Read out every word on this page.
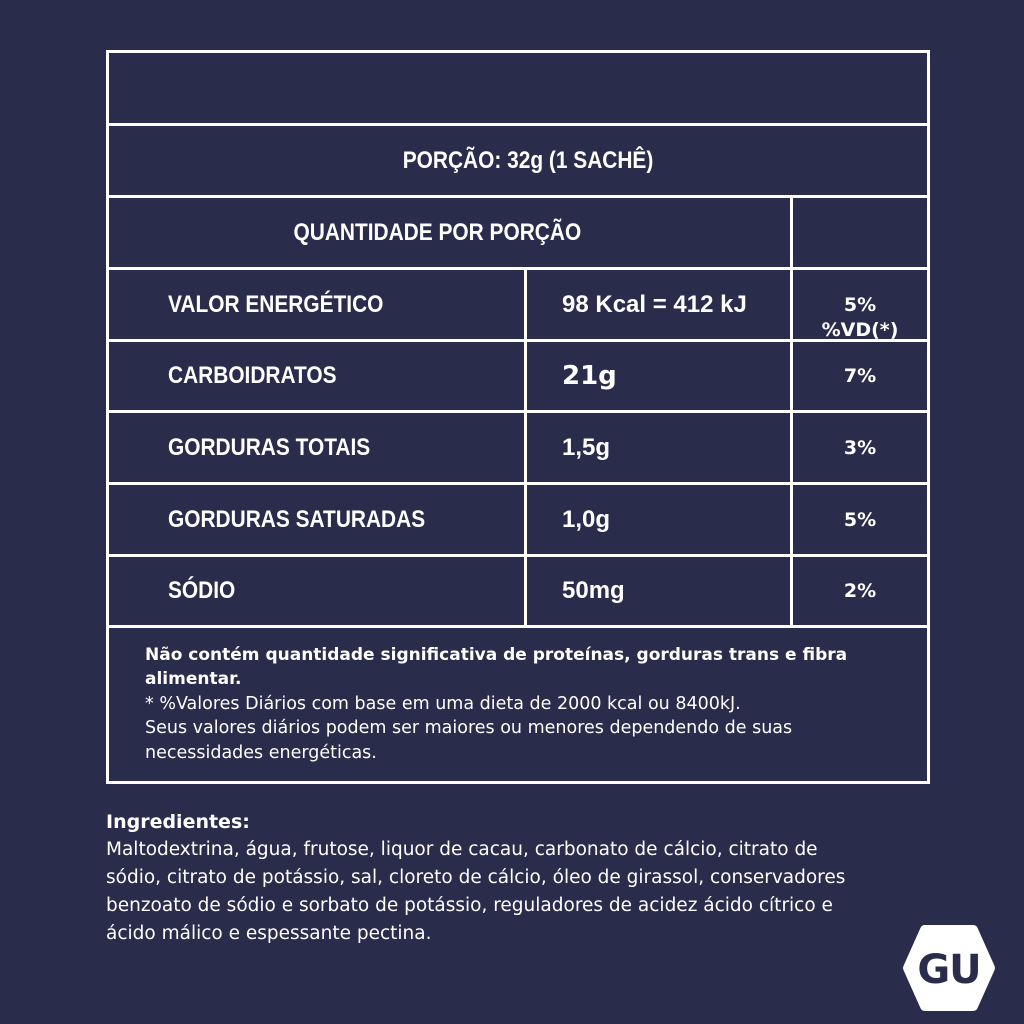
PORÇÃO: 32g (1 SACHÊ)
QUANTIDADE POR PORÇÃO
VALOR ENERGÉTICO	98 Kcal = 412 kJ	5%
%VD(*)
CARBOIDRATOS	21g	7%
GORDURAS TOTAIS	1,5g	3%
GORDURAS SATURADAS	1,0g	5%
SÓDIO	50mg	2%
Não contém quantidade significativa de proteínas, gorduras trans e fibra
alimentar.
* %Valores Diários com base em uma dieta de 2000 kcal ou 8400kJ.
Seus valores diários podem ser maiores ou menores dependendo de suas
necessidades energéticas.
Ingredientes:
Maltodextrina, água, frutose, liquor de cacau, carbonato de cálcio, citrato de
sódio, citrato de potássio, sal, cloreto de cálcio, óleo de girassol, conservadores
benzoato de sódio e sorbato de potássio, reguladores de acidez ácido cítrico e
ácido málico e espessante pectina.
GU
